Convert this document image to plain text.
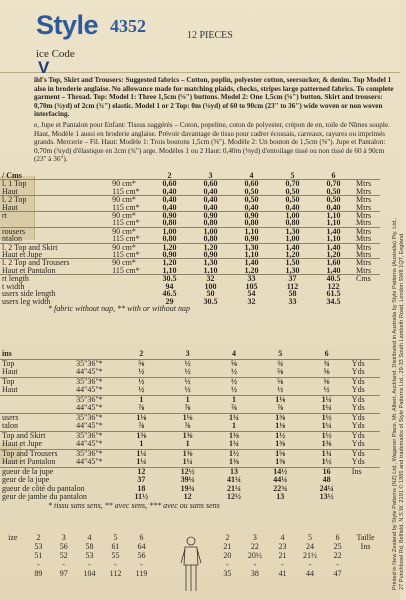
Style 4352	12 PIECES
ice Code
V
ild's Top, Skirt and Trousers: Suggested fabrics – Cotton, poplin, polyester cotton, seersucker, & denim. Top Model 1 also in broderie anglaise. No allowance made for matching plaids, checks, stripes large patterned fabrics. To complete garment – Thread. Top: Model 1: Three 1,5cm (⅝") buttons. Model 2: One 1,5cm (⅝") button. Skirt and trousers: 0,70m (¾yd) of 2cm (¾") elastic. Model 1 or 2 Top: 0m (⅛yd) of 60 to 90cm (23" to 36") wide woven or non woven interfacing.
e, Jupe et Pantalon pour Enfant: Tissus suggérés – Coton, popeline, coton de polyester, crépon de en, toile de Nîmes souple. Haut, Modèle 1 aussi en broderie anglaise. Prévoir davantage de tissu pour cadrer écossais, carreaux, rayures ou imprimés grands. Mercerie – Fil. Haut: Modèle 1: Trois boutons 1,5cm (⅝"). Modèle 2: Un bouton de 1,5cm (⅝"). Jupe et Pantalon: 0,70m (¾yd) d'élastique en 2cm (¾") arge. Modèles 1 ou 2 Haut: 0,40m (⅛yd) d'entoilage tissé ou non tissé de 60 à 90cm (23" à 36").
/ Cms		2	3	4	5	6	
l. 1 Top	90 cm*	0,60	0,60	0,60	0,70	0,70	Mtrs
Haut	115 cm*	0,40	0,40	0,50	0,50	0,50	Mtrs
l. 2 Top	90 cm*	0,40	0,40	0,50	0,50	0,50	Mtrs
Haut	115 cm*	0,40	0,40	0,40	0,40	0,40	Mtrs
rt	90 cm*	0,90	0,90	0,90	1,00	1,10	Mtrs
	115 cm*	0,80	0,80	0,80	0,80	1,10	Mtrs
rousers	90 cm*	1,00	1,00	1,10	1,30	1,40	Mtrs
ntalon	115 cm*	0,80	0,80	0,90	1,00	1,10	Mtrs
l. 2 Top and Skirt	90 cm*	1,20	1,20	1,30	1,40	1,40	Mtrs
Haut et Jupe	115 cm*	0,90	0,90	1,10	1,20	1,20	Mtrs
l. 2 Top and Trousers	90 cm*	1,20	1,30	1,40	1,50	1,60	Mtrs
Haut et Pantalon	115 cm*	1,10	1,10	1,20	1,30	1,40	Mtrs
rt length		30.5	32	33	37	40.5	Cms
t width		94	100	105	112	122	
users side length		46.5	50	54	58	61.5	
users leg width		29	30.5	32	33	34.5	
* fabric without nap, ** with or without nap							
ins		2	3	4	5	6	
Top	35"36"*	⅝	½	⅝	¾	¾	Yds
Haut	44"45"*	½	½	½	⅝	⅝	Yds
Top	35"36"*	½	½	½	⅝	⅝	Yds
Haut	44"45"*	½	½	½	½	½	Yds
	35"36"*	1	1	1	1⅛	1¼	Yds
	44"45"*	⅞	⅞	⅞	⅞	1¼	Yds
users	35"36"*	1⅛	1⅛	1¼	1⅜	1½	Yds
talon	44"45"*	⅞	⅞	1	1⅛	1¼	Yds
Top and Skirt	35"36"*	1⅜	1⅜	1⅜	1½	1½	Yds
Haut et Jupe	44"45"*	1	1	1¼	1⅜	1⅜	Yds
Top and Trousers	35"36"*	1¼	1⅜	1½	1⅝	1¾	Yds
Haut et Pantalon	44"45"*	1¼	1¼	1⅜	1⅜	1½	Yds
gueur de la jupe		12	12½	13	14½	16	Ins
geur de la jupe		37	39¼	41¼	44¼	48	
gueur de côté du pantalon		18	19¾	21¼	22¾	24¼	
geur de jambe du pantalon		11½	12	12½	13	13½	
* tissu sans sens, ** avec sens, *** avec ou sans sens							
ize	2	3	4	5	6		2	3	4	5	6	Taille
	53	56	58	61	64		21	22	23	24	25	Ins
	51	52	53	55	56		20	20½	21	21½	22	
	-	-	-	-	-		-	-	-	-	-	
	89	97	104	112	119		35	38	41	44	47		Printed in New Zealand by Style Patterns (NZ) Ltd., Wagener Place, Mt. Albert, Auckland. Distributed in Australia by Style Patterns (Australia) Pty. Ltd., 27 Punchbowl Rd, Belfield, N.S.W. 2191 © 1985 and trademarks of Style Patterns Ltd., 29-33 South Lambeth Road, London SW8 1QT, England
